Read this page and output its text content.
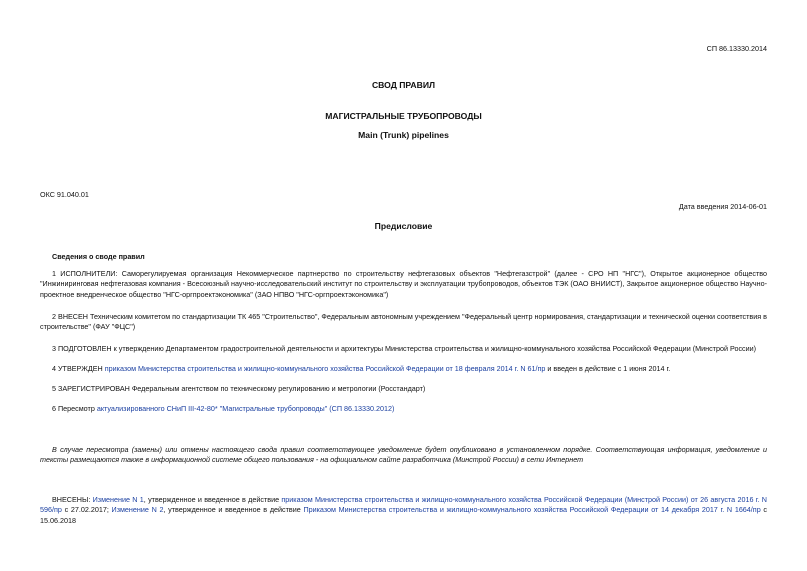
СП 86.13330.2014
СВОД ПРАВИЛ
МАГИСТРАЛЬНЫЕ ТРУБОПРОВОДЫ
Main (Trunk) pipelines
ОКС 91.040.01
Дата введения 2014-06-01
Предисловие
Сведения о своде правил
1 ИСПОЛНИТЕЛИ: Саморегулируемая организация Некоммерческое партнерство по строительству нефтегазовых объектов "Нефтегазстрой" (далее - СРО НП "НГС"), Открытое акционерное общество "Инжиниринговая нефтегазовая компания - Всесоюзный научно-исследовательский институт по строительству и эксплуатации трубопроводов, объектов ТЭК (ОАО ВНИИСТ), Закрытое акционерное общество Научно-проектное внедренческое общество "НГС-оргпроектэкономика" (ЗАО НПВО "НГС-оргпроектэкономика")
2 ВНЕСЕН Техническим комитетом по стандартизации ТК 465 "Строительство", Федеральным автономным учреждением "Федеральный центр нормирования, стандартизации и технической оценки соответствия в строительстве" (ФАУ "ФЦС")
3 ПОДГОТОВЛЕН к утверждению Департаментом градостроительной деятельности и архитектуры Министерства строительства и жилищно-коммунального хозяйства Российской Федерации (Минстрой России)
4 УТВЕРЖДЕН приказом Министерства строительства и жилищно-коммунального хозяйства Российской Федерации от 18 февраля 2014 г. N 61/пр и введен в действие с 1 июня 2014 г.
5 ЗАРЕГИСТРИРОВАН Федеральным агентством по техническому регулированию и метрологии (Росстандарт)
6 Пересмотр актуализированного СНиП III-42-80* "Магистральные трубопроводы" (СП 86.13330.2012)
В случае пересмотра (замены) или отмены настоящего свода правил соответствующее уведомление будет опубликовано в установленном порядке. Соответствующая информация, уведомление и тексты размещаются также в информационной системе общего пользования - на официальном сайте разработчика (Минстрой России) в сети Интернет
ВНЕСЕНЫ: Изменение N 1, утвержденное и введенное в действие приказом Министерства строительства и жилищно-коммунального хозяйства Российской Федерации (Минстрой России) от 26 августа 2016 г. N 596/пр с 27.02.2017; Изменение N 2, утвержденное и введенное в действие Приказом Министерства строительства и жилищно-коммунального хозяйства Российской Федерации от 14 декабря 2017 г. N 1664/пр с 15.06.2018
